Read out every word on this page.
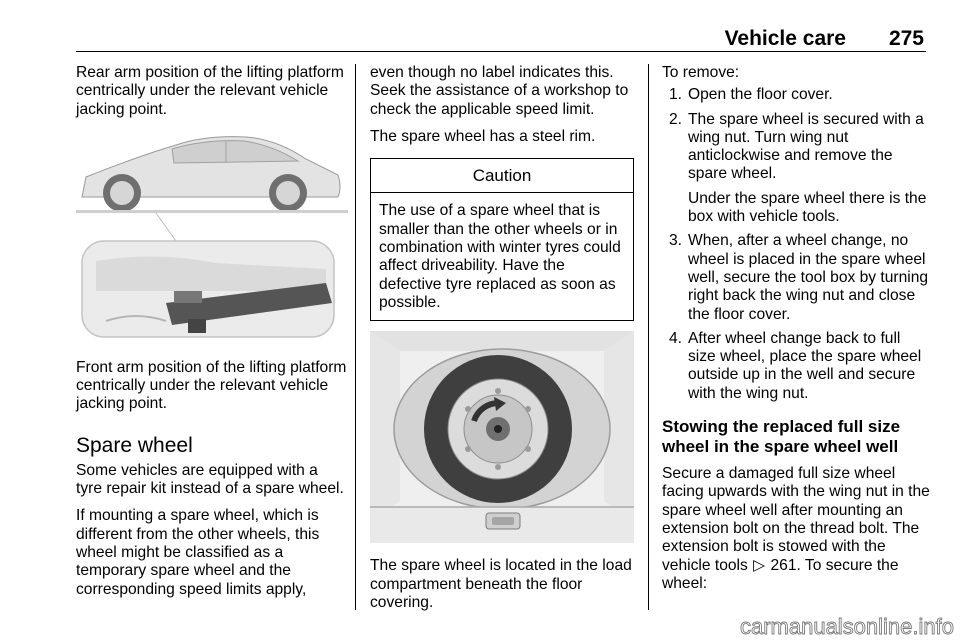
Vehicle care 275

Rear arm position of the lifting platform centrically under the relevant vehicle jacking point.

Front arm position of the lifting platform centrically under the relevant vehicle jacking point.

Spare wheel

Some vehicles are equipped with a tyre repair kit instead of a spare wheel.

If mounting a spare wheel, which is different from the other wheels, this wheel might be classified as a temporary spare wheel and the corresponding speed limits apply,

even though no label indicates this. Seek the assistance of a workshop to check the applicable speed limit.

The spare wheel has a steel rim.

Caution
The use of a spare wheel that is smaller than the other wheels or in combination with winter tyres could affect driveability. Have the defective tyre replaced as soon as possible.

The spare wheel is located in the load compartment beneath the floor covering.

To remove:

1. Open the floor cover.
2. The spare wheel is secured with a wing nut. Turn wing nut anticlockwise and remove the spare wheel.
Under the spare wheel there is the box with vehicle tools.
3. When, after a wheel change, no wheel is placed in the spare wheel well, secure the tool box by turning right back the wing nut and close the floor cover.
4. After wheel change back to full size wheel, place the spare wheel outside up in the well and secure with the wing nut.
Stowing the replaced full size wheel in the spare wheel well

Secure a damaged full size wheel facing upwards with the wing nut in the spare wheel well after mounting an extension bolt on the thread bolt. The extension bolt is stowed with the vehicle tools ▷ 261. To secure the wheel:

carmanualsonline.info
